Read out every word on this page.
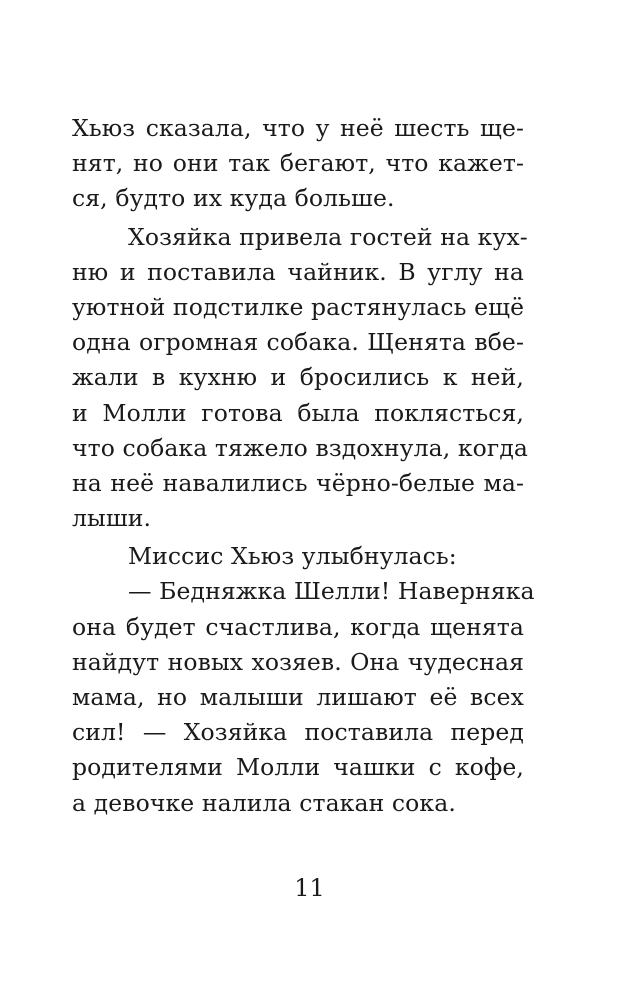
Хьюз сказала, что у неё шесть ще-
нят, но они так бегают, что кажет-
ся, будто их куда больше.
Хозяйка привела гостей на кух-
ню и поставила чайник. В углу на
уютной подстилке растянулась ещё
одна огромная собака. Щенята вбе-
жали в кухню и бросились к ней,
и Молли готова была поклясться,
что собака тяжело вздохнула, когда
на неё навалились чёрно-белые ма-
лыши.
Миссис Хьюз улыбнулась:
— Бедняжка Шелли! Наверняка
она будет счастлива, когда щенята
найдут новых хозяев. Она чудесная
мама, но малыши лишают её всех
сил! — Хозяйка поставила перед
родителями Молли чашки с кофе,
а девочке налила стакан сока.
11
